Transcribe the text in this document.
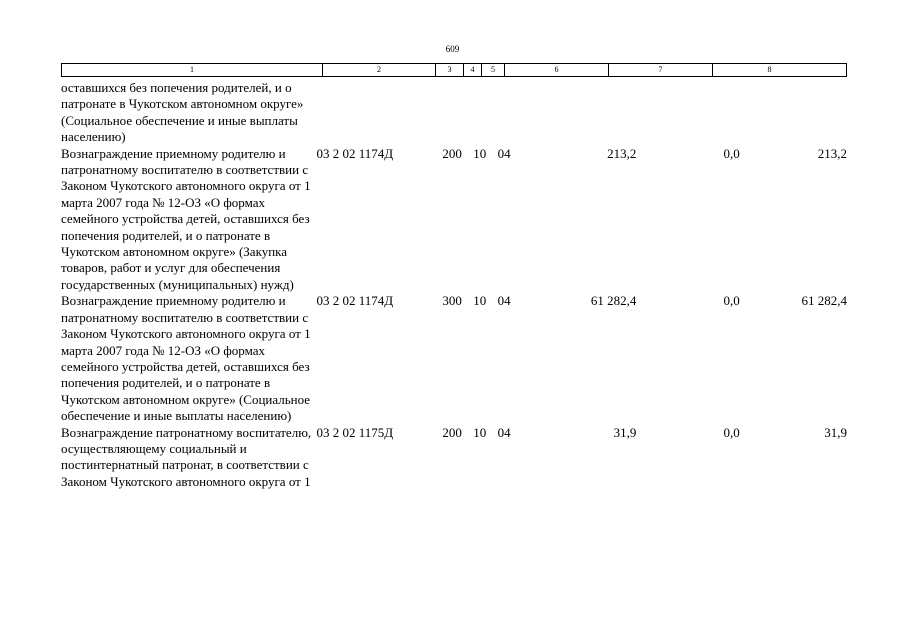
609
1	2	3	4	5	6	7	8
оставшихся без попечения родителей, и о патронате в Чукотском автономном округе» (Социальное обеспечение и иные выплаты населению)
Вознаграждение приемному родителю и патронатному воспитателю в соответствии с Законом Чукотского автономного округа от 1 марта 2007 года № 12-ОЗ «О формах семейного устройства детей, оставшихся без попечения родителей, и о патронате в Чукотском автономном округе» (Закупка товаров, работ и услуг для обеспечения государственных (муниципальных) нужд)
03 2 02 1174Д	200 10 04	213,2	0,0	213,2
Вознаграждение приемному родителю и патронатному воспитателю в соответствии с Законом Чукотского автономного округа от 1 марта 2007 года № 12-ОЗ «О формах семейного устройства детей, оставшихся без попечения родителей, и о патронате в Чукотском автономном округе» (Социальное обеспечение и иные выплаты населению)
03 2 02 1174Д	300 10 04	61 282,4	0,0	61 282,4
Вознаграждение патронатному воспитателю, осуществляющему социальный и постинтернатный патронат, в соответствии с Законом Чукотского автономного округа от 1
03 2 02 1175Д	200 10 04	31,9	0,0	31,9
